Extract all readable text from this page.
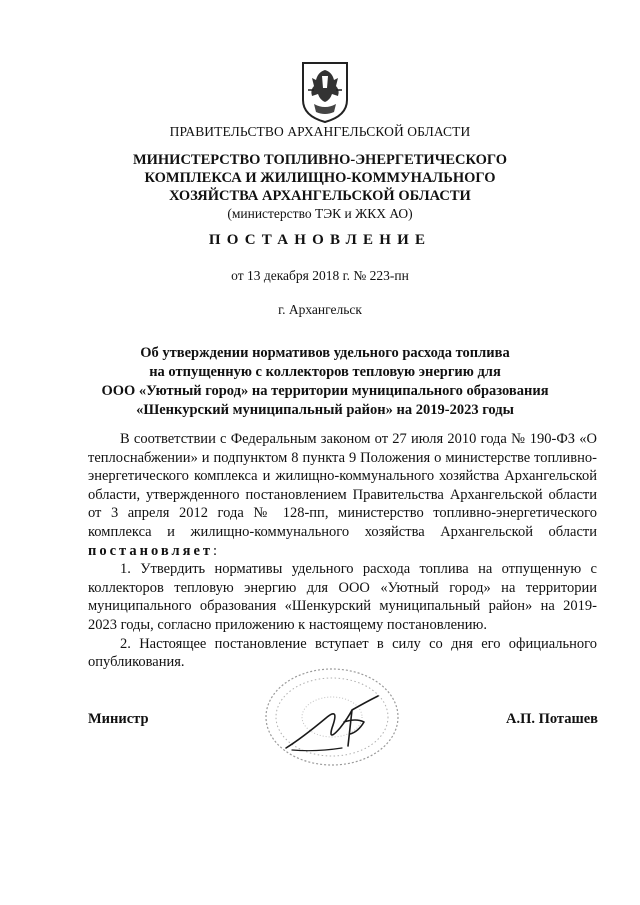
ПРАВИТЕЛЬСТВО АРХАНГЕЛЬСКОЙ ОБЛАСТИ
МИНИСТЕРСТВО ТОПЛИВНО-ЭНЕРГЕТИЧЕСКОГО
КОМПЛЕКСА И ЖИЛИЩНО-КОММУНАЛЬНОГО
ХОЗЯЙСТВА АРХАНГЕЛЬСКОЙ ОБЛАСТИ
(министерство ТЭК и ЖКХ АО)
ПОСТАНОВЛЕНИЕ
от 13 декабря 2018 г. № 223-пн
г. Архангельск
Об утверждении нормативов удельного расхода топлива
на отпущенную с коллекторов тепловую энергию для
ООО «Уютный город» на территории муниципального образования
«Шенкурский муниципальный район» на 2019-2023 годы

В соответствии с Федеральным законом от 27 июля 2010 года № 190-ФЗ «О теплоснабжении» и подпунктом 8 пункта 9 Положения о министерстве топливно-энергетического комплекса и жилищно-коммунального хозяйства Архангельской области, утвержденного постановлением Правительства Архангельской области от 3 апреля 2012 года № 128-пп, министерство топливно-энергетического комплекса и жилищно-коммунального хозяйства Архангельской области постановляет:

1. Утвердить нормативы удельного расхода топлива на отпущенную с коллекторов тепловую энергию для ООО «Уютный город» на территории муниципального образования «Шенкурский муниципальный район» на 2019-2023 годы, согласно приложению к настоящему постановлению.

2. Настоящее постановление вступает в силу со дня его официального опубликования.

Министр	А.П. Поташев
